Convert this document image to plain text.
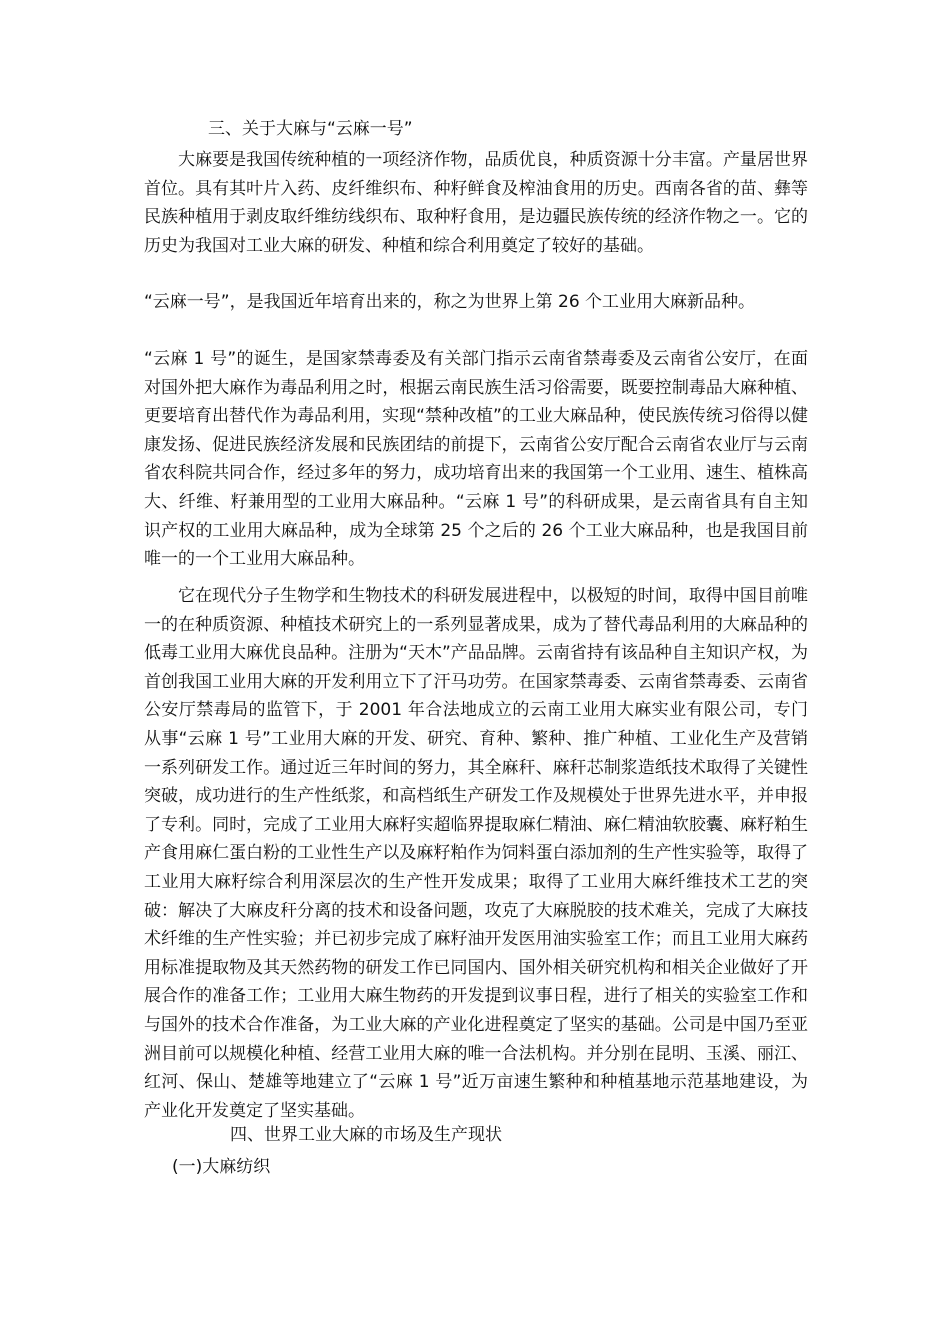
三、关于大麻与“云麻一号”

　　大麻要是我国传统种植的一项经济作物，品质优良，种质资源十分丰富。产量居世界首位。具有其叶片入药、皮纤维织布、种籽鲜食及榨油食用的历史。西南各省的苗、彝等民族种植用于剥皮取纤维纺线织布、取种籽食用，是边疆民族传统的经济作物之一。它的历史为我国对工业大麻的研发、种植和综合利用奠定了较好的基础。

“云麻一号”，是我国近年培育出来的，称之为世界上第 26 个工业用大麻新品种。

“云麻 1 号”的诞生，是国家禁毒委及有关部门指示云南省禁毒委及云南省公安厅，在面对国外把大麻作为毒品利用之时，根据云南民族生活习俗需要，既要控制毒品大麻种植、更要培育出替代作为毒品利用，实现“禁种改植”的工业大麻品种，使民族传统习俗得以健康发扬、促进民族经济发展和民族团结的前提下，云南省公安厅配合云南省农业厅与云南省农科院共同合作，经过多年的努力，成功培育出来的我国第一个工业用、速生、植株高大、纤维、籽兼用型的工业用大麻品种。“云麻 1 号”的科研成果，是云南省具有自主知识产权的工业用大麻品种，成为全球第 25 个之后的 26 个工业大麻品种，也是我国目前唯一的一个工业用大麻品种。

　　它在现代分子生物学和生物技术的科研发展进程中，以极短的时间，取得中国目前唯一的在种质资源、种植技术研究上的一系列显著成果，成为了替代毒品利用的大麻品种的低毒工业用大麻优良品种。注册为“天木”产品品牌。云南省持有该品种自主知识产权，为首创我国工业用大麻的开发利用立下了汗马功劳。在国家禁毒委、云南省禁毒委、云南省公安厅禁毒局的监管下，于 2001 年合法地成立的云南工业用大麻实业有限公司，专门从事“云麻 1 号”工业用大麻的开发、研究、育种、繁种、推广种植、工业化生产及营销一系列研发工作。通过近三年时间的努力，其全麻秆、麻秆芯制浆造纸技术取得了关键性突破，成功进行的生产性纸浆，和高档纸生产研发工作及规模处于世界先进水平，并申报了专利。同时，完成了工业用大麻籽实超临界提取麻仁精油、麻仁精油软胶囊、麻籽粕生产食用麻仁蛋白粉的工业性生产以及麻籽粕作为饲料蛋白添加剂的生产性实验等，取得了工业用大麻籽综合利用深层次的生产性开发成果；取得了工业用大麻纤维技术工艺的突破：解决了大麻皮秆分离的技术和设备问题，攻克了大麻脱胶的技术难关，完成了大麻技术纤维的生产性实验；并已初步完成了麻籽油开发医用油实验室工作；而且工业用大麻药用标准提取物及其天然药物的研发工作已同国内、国外相关研究机构和相关企业做好了开展合作的准备工作；工业用大麻生物药的开发提到议事日程，进行了相关的实验室工作和与国外的技术合作准备，为工业大麻的产业化进程奠定了坚实的基础。公司是中国乃至亚洲目前可以规模化种植、经营工业用大麻的唯一合法机构。并分别在昆明、玉溪、丽江、红河、保山、楚雄等地建立了“云麻 1 号”近万亩速生繁种和种植基地示范基地建设，为产业化开发奠定了坚实基础。

四、世界工业大麻的市场及生产现状
(一)大麻纺织
